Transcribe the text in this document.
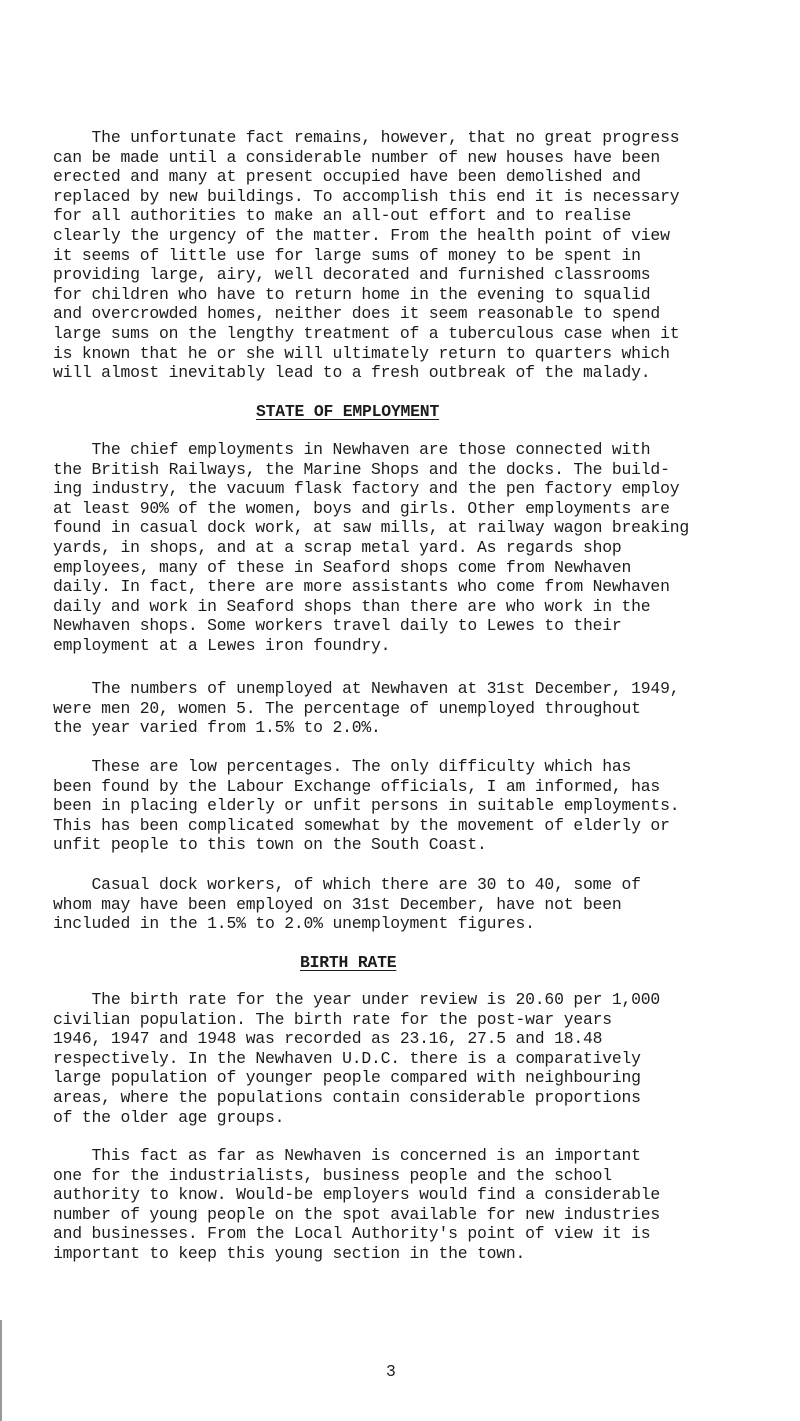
The unfortunate fact remains, however, that no great progress
can be made until a considerable number of new houses have been
erected and many at present occupied have been demolished and
replaced by new buildings. To accomplish this end it is necessary
for all authorities to make an all-out effort and to realise
clearly the urgency of the matter. From the health point of view
it seems of little use for large sums of money to be spent in
providing large, airy, well decorated and furnished classrooms
for children who have to return home in the evening to squalid
and overcrowded homes, neither does it seem reasonable to spend
large sums on the lengthy treatment of a tuberculous case when it
is known that he or she will ultimately return to quarters which
will almost inevitably lead to a fresh outbreak of the malady.

STATE OF EMPLOYMENT

The chief employments in Newhaven are those connected with
the British Railways, the Marine Shops and the docks. The build-
ing industry, the vacuum flask factory and the pen factory employ
at least 90% of the women, boys and girls. Other employments are
found in casual dock work, at saw mills, at railway wagon breaking
yards, in shops, and at a scrap metal yard. As regards shop
employees, many of these in Seaford shops come from Newhaven
daily. In fact, there are more assistants who come from Newhaven
daily and work in Seaford shops than there are who work in the
Newhaven shops. Some workers travel daily to Lewes to their
employment at a Lewes iron foundry.

The numbers of unemployed at Newhaven at 31st December, 1949,
were men 20, women 5. The percentage of unemployed throughout
the year varied from 1.5% to 2.0%.

These are low percentages. The only difficulty which has
been found by the Labour Exchange officials, I am informed, has
been in placing elderly or unfit persons in suitable employments.
This has been complicated somewhat by the movement of elderly or
unfit people to this town on the South Coast.

Casual dock workers, of which there are 30 to 40, some of
whom may have been employed on 31st December, have not been
included in the 1.5% to 2.0% unemployment figures.

BIRTH RATE

The birth rate for the year under review is 20.60 per 1,000
civilian population. The birth rate for the post-war years
1946, 1947 and 1948 was recorded as 23.16, 27.5 and 18.48
respectively. In the Newhaven U.D.C. there is a comparatively
large population of younger people compared with neighbouring
areas, where the populations contain considerable proportions
of the older age groups.

This fact as far as Newhaven is concerned is an important
one for the industrialists, business people and the school
authority to know. Would-be employers would find a considerable
number of young people on the spot available for new industries
and businesses. From the Local Authority's point of view it is
important to keep this young section in the town.

3
